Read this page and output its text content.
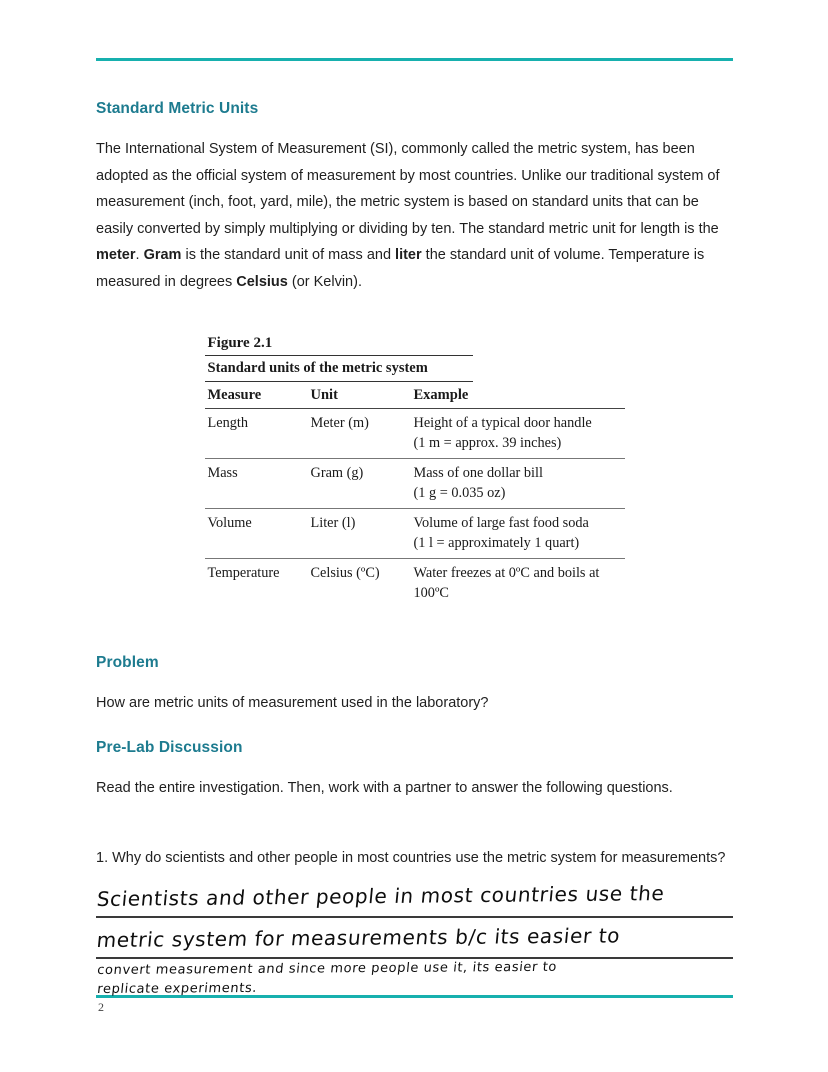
Standard Metric Units

The International System of Measurement (SI), commonly called the metric system, has been adopted as the official system of measurement by most countries. Unlike our traditional system of measurement (inch, foot, yard, mile), the metric system is based on standard units that can be easily converted by simply multiplying or dividing by ten. The standard metric unit for length is the meter. Gram is the standard unit of mass and liter the standard unit of volume. Temperature is measured in degrees Celsius (or Kelvin).

Figure 2.1
Standard units of the metric system
Measure	Unit	Example
Length	Meter (m)	Height of a typical door handle
(1 m = approx. 39 inches)

Mass	Gram (g)	Mass of one dollar bill
(1 g = 0.035 oz)

Volume	Liter (l)	Volume of large fast food soda
(1 l = approximately 1 quart)

Temperature	Celsius (ºC)	Water freezes at 0ºC and boils at
100ºC
Problem

How are metric units of measurement used in the laboratory?

Pre-Lab Discussion

Read the entire investigation. Then, work with a partner to answer the following questions.

1. Why do scientists and other people in most countries use the metric system for measurements?

Scientists and other people in most countries use the
metric system for measurements b/c its easier to
convert measurement and since more people use it, its easier to
replicate experiments.
2
